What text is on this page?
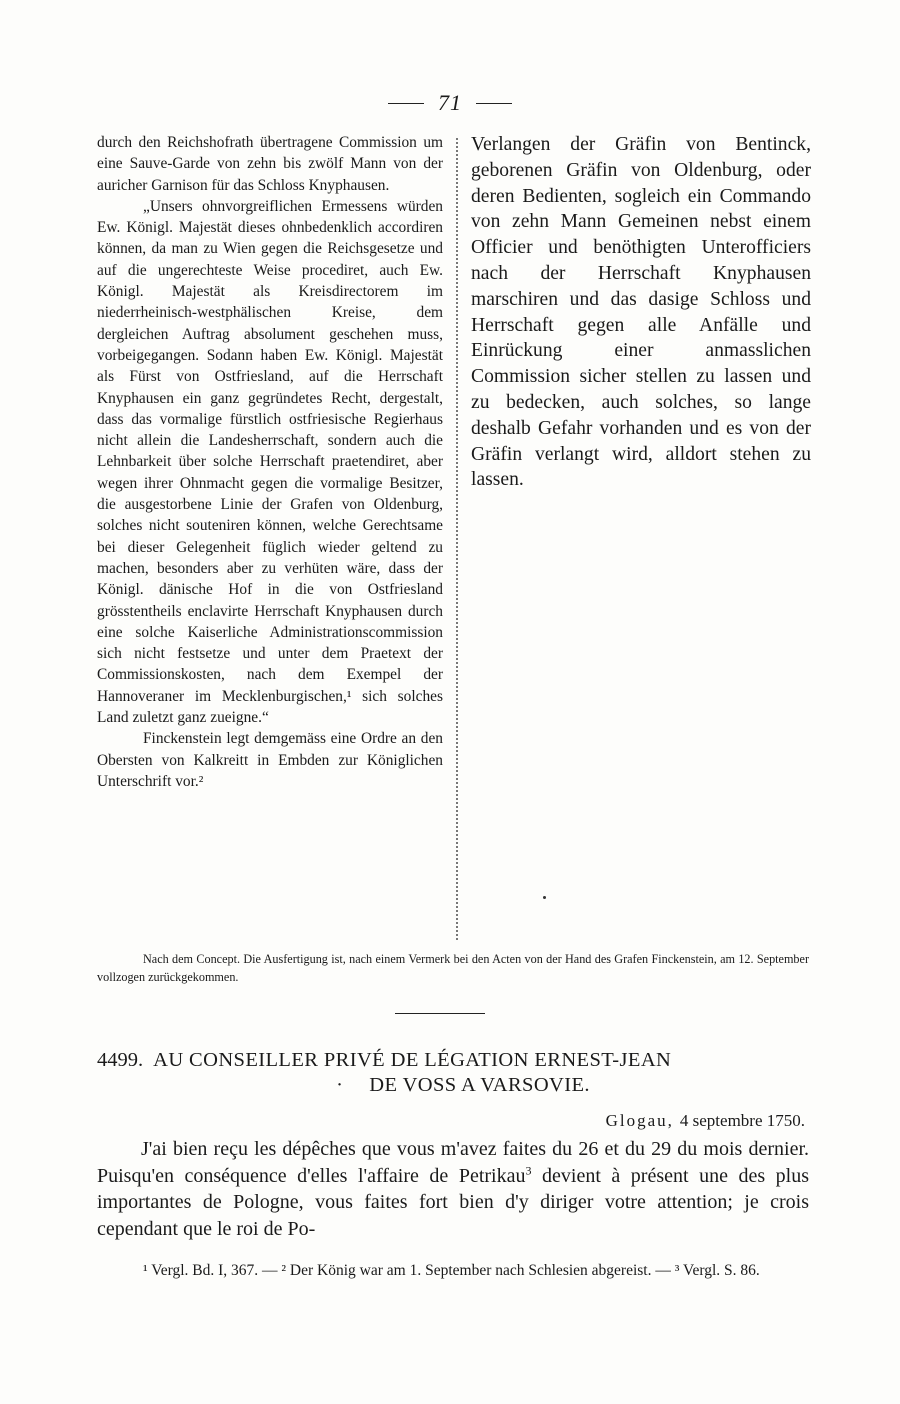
71

durch den Reichshofrath übertragene Commission um eine Sauve-Garde von zehn bis zwölf Mann von der auricher Garnison für das Schloss Knyphausen.

„Unsers ohnvorgreiflichen Ermessens würden Ew. Königl. Majestät dieses ohnbedenklich accordiren können, da man zu Wien gegen die Reichsgesetze und auf die ungerechteste Weise procediret, auch Ew. Königl. Majestät als Kreisdirectorem im niederrheinisch-westphälischen Kreise, dem dergleichen Auftrag absolument geschehen muss, vorbeigegangen. Sodann haben Ew. Königl. Majestät als Fürst von Ostfriesland, auf die Herrschaft Knyphausen ein ganz gegründetes Recht, dergestalt, dass das vormalige fürstlich ostfriesische Regierhaus nicht allein die Landesherrschaft, sondern auch die Lehnbarkeit über solche Herrschaft praetendiret, aber wegen ihrer Ohnmacht gegen die vormalige Besitzer, die ausgestorbene Linie der Grafen von Oldenburg, solches nicht souteniren können, welche Gerechtsame bei dieser Gelegenheit füglich wieder geltend zu machen, besonders aber zu verhüten wäre, dass der Königl. dänische Hof in die von Ostfriesland grösstentheils enclavirte Herrschaft Knyphausen durch eine solche Kaiserliche Administrationscommission sich nicht festsetze und unter dem Praetext der Commissionskosten, nach dem Exempel der Hannoveraner im Mecklenburgischen,¹ sich solches Land zuletzt ganz zueigne.“

Finckenstein legt demgemäss eine Ordre an den Obersten von Kalkreitt in Embden zur Königlichen Unterschrift vor.²

Verlangen der Gräfin von Bentinck, geborenen Gräfin von Oldenburg, oder deren Bedienten, sogleich ein Commando von zehn Mann Gemeinen nebst einem Officier und benöthigten Unterofficiers nach der Herrschaft Knyphausen marschiren und das dasige Schloss und Herrschaft gegen alle Anfälle und Einrückung einer anmasslichen Commission sicher stellen zu lassen und zu bedecken, auch solches, so lange deshalb Gefahr vorhanden und es von der Gräfin verlangt wird, alldort stehen zu lassen.

Nach dem Concept. Die Ausfertigung ist, nach einem Vermerk bei den Acten von der Hand des Grafen Finckenstein, am 12. September vollzogen zurückgekommen.

4499. AU CONSEILLER PRIVÉ DE LÉGATION ERNEST-JEAN
· DE VOSS A VARSOVIE.
Glogau, 4 septembre 1750.

J'ai bien reçu les dépêches que vous m'avez faites du 26 et du 29 du mois dernier. Puisqu'en conséquence d'elles l'affaire de Petrikau$^3$ devient à présent une des plus importantes de Pologne, vous faites fort bien d'y diriger votre attention; je crois cependant que le roi de Po-

¹ Vergl. Bd. I, 367. — ² Der König war am 1. September nach Schlesien abgereist. — ³ Vergl. S. 86.
